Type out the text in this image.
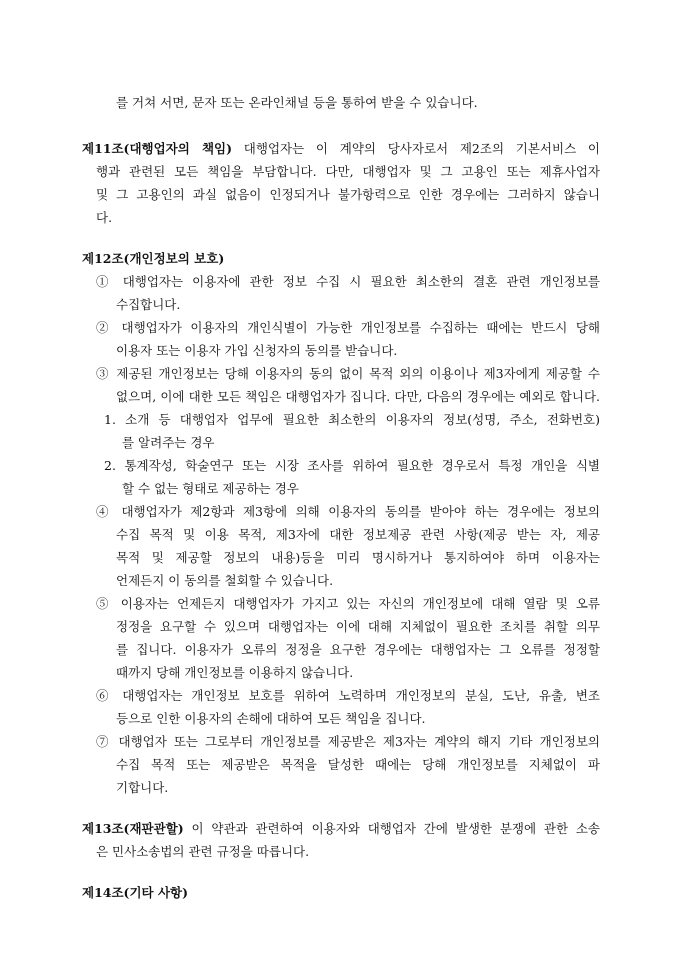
를 거쳐 서면, 문자 또는 온라인채널 등을 통하여 받을 수 있습니다.
제11조(대행업자의 책임) 대행업자는 이 계약의 당사자로서 제2조의 기본서비스 이
행과 관련된 모든 책임을 부담합니다. 다만, 대행업자 및 그 고용인 또는 제휴사업자
및 그 고용인의 과실 없음이 인정되거나 불가항력으로 인한 경우에는 그러하지 않습니
다.
제12조(개인정보의 보호)
① 대행업자는 이용자에 관한 정보 수집 시 필요한 최소한의 결혼 관련 개인정보를
수집합니다.
② 대행업자가 이용자의 개인식별이 가능한 개인정보를 수집하는 때에는 반드시 당해
이용자 또는 이용자 가입 신청자의 동의를 받습니다.
③ 제공된 개인정보는 당해 이용자의 동의 없이 목적 외의 이용이나 제3자에게 제공할 수
없으며, 이에 대한 모든 책임은 대행업자가 집니다. 다만, 다음의 경우에는 예외로 합니다.
1. 소개 등 대행업자 업무에 필요한 최소한의 이용자의 정보(성명, 주소, 전화번호)
를 알려주는 경우
2. 통계작성, 학술연구 또는 시장 조사를 위하여 필요한 경우로서 특정 개인을 식별
할 수 없는 형태로 제공하는 경우
④ 대행업자가 제2항과 제3항에 의해 이용자의 동의를 받아야 하는 경우에는 정보의
수집 목적 및 이용 목적, 제3자에 대한 정보제공 관련 사항(제공 받는 자, 제공
목적 및 제공할 정보의 내용)등을 미리 명시하거나 통지하여야 하며 이용자는
언제든지 이 동의를 철회할 수 있습니다.
⑤ 이용자는 언제든지 대행업자가 가지고 있는 자신의 개인정보에 대해 열람 및 오류
정정을 요구할 수 있으며 대행업자는 이에 대해 지체없이 필요한 조치를 취할 의무
를 집니다. 이용자가 오류의 정정을 요구한 경우에는 대행업자는 그 오류를 정정할
때까지 당해 개인정보를 이용하지 않습니다.
⑥ 대행업자는 개인정보 보호를 위하여 노력하며 개인정보의 분실, 도난, 유출, 변조
등으로 인한 이용자의 손해에 대하여 모든 책임을 집니다.
⑦ 대행업자 또는 그로부터 개인정보를 제공받은 제3자는 계약의 해지 기타 개인정보의
수집 목적 또는 제공받은 목적을 달성한 때에는 당해 개인정보를 지체없이 파
기합니다.
제13조(재판관할) 이 약관과 관련하여 이용자와 대행업자 간에 발생한 분쟁에 관한 소송
은 민사소송법의 관련 규정을 따릅니다.
제14조(기타 사항)
